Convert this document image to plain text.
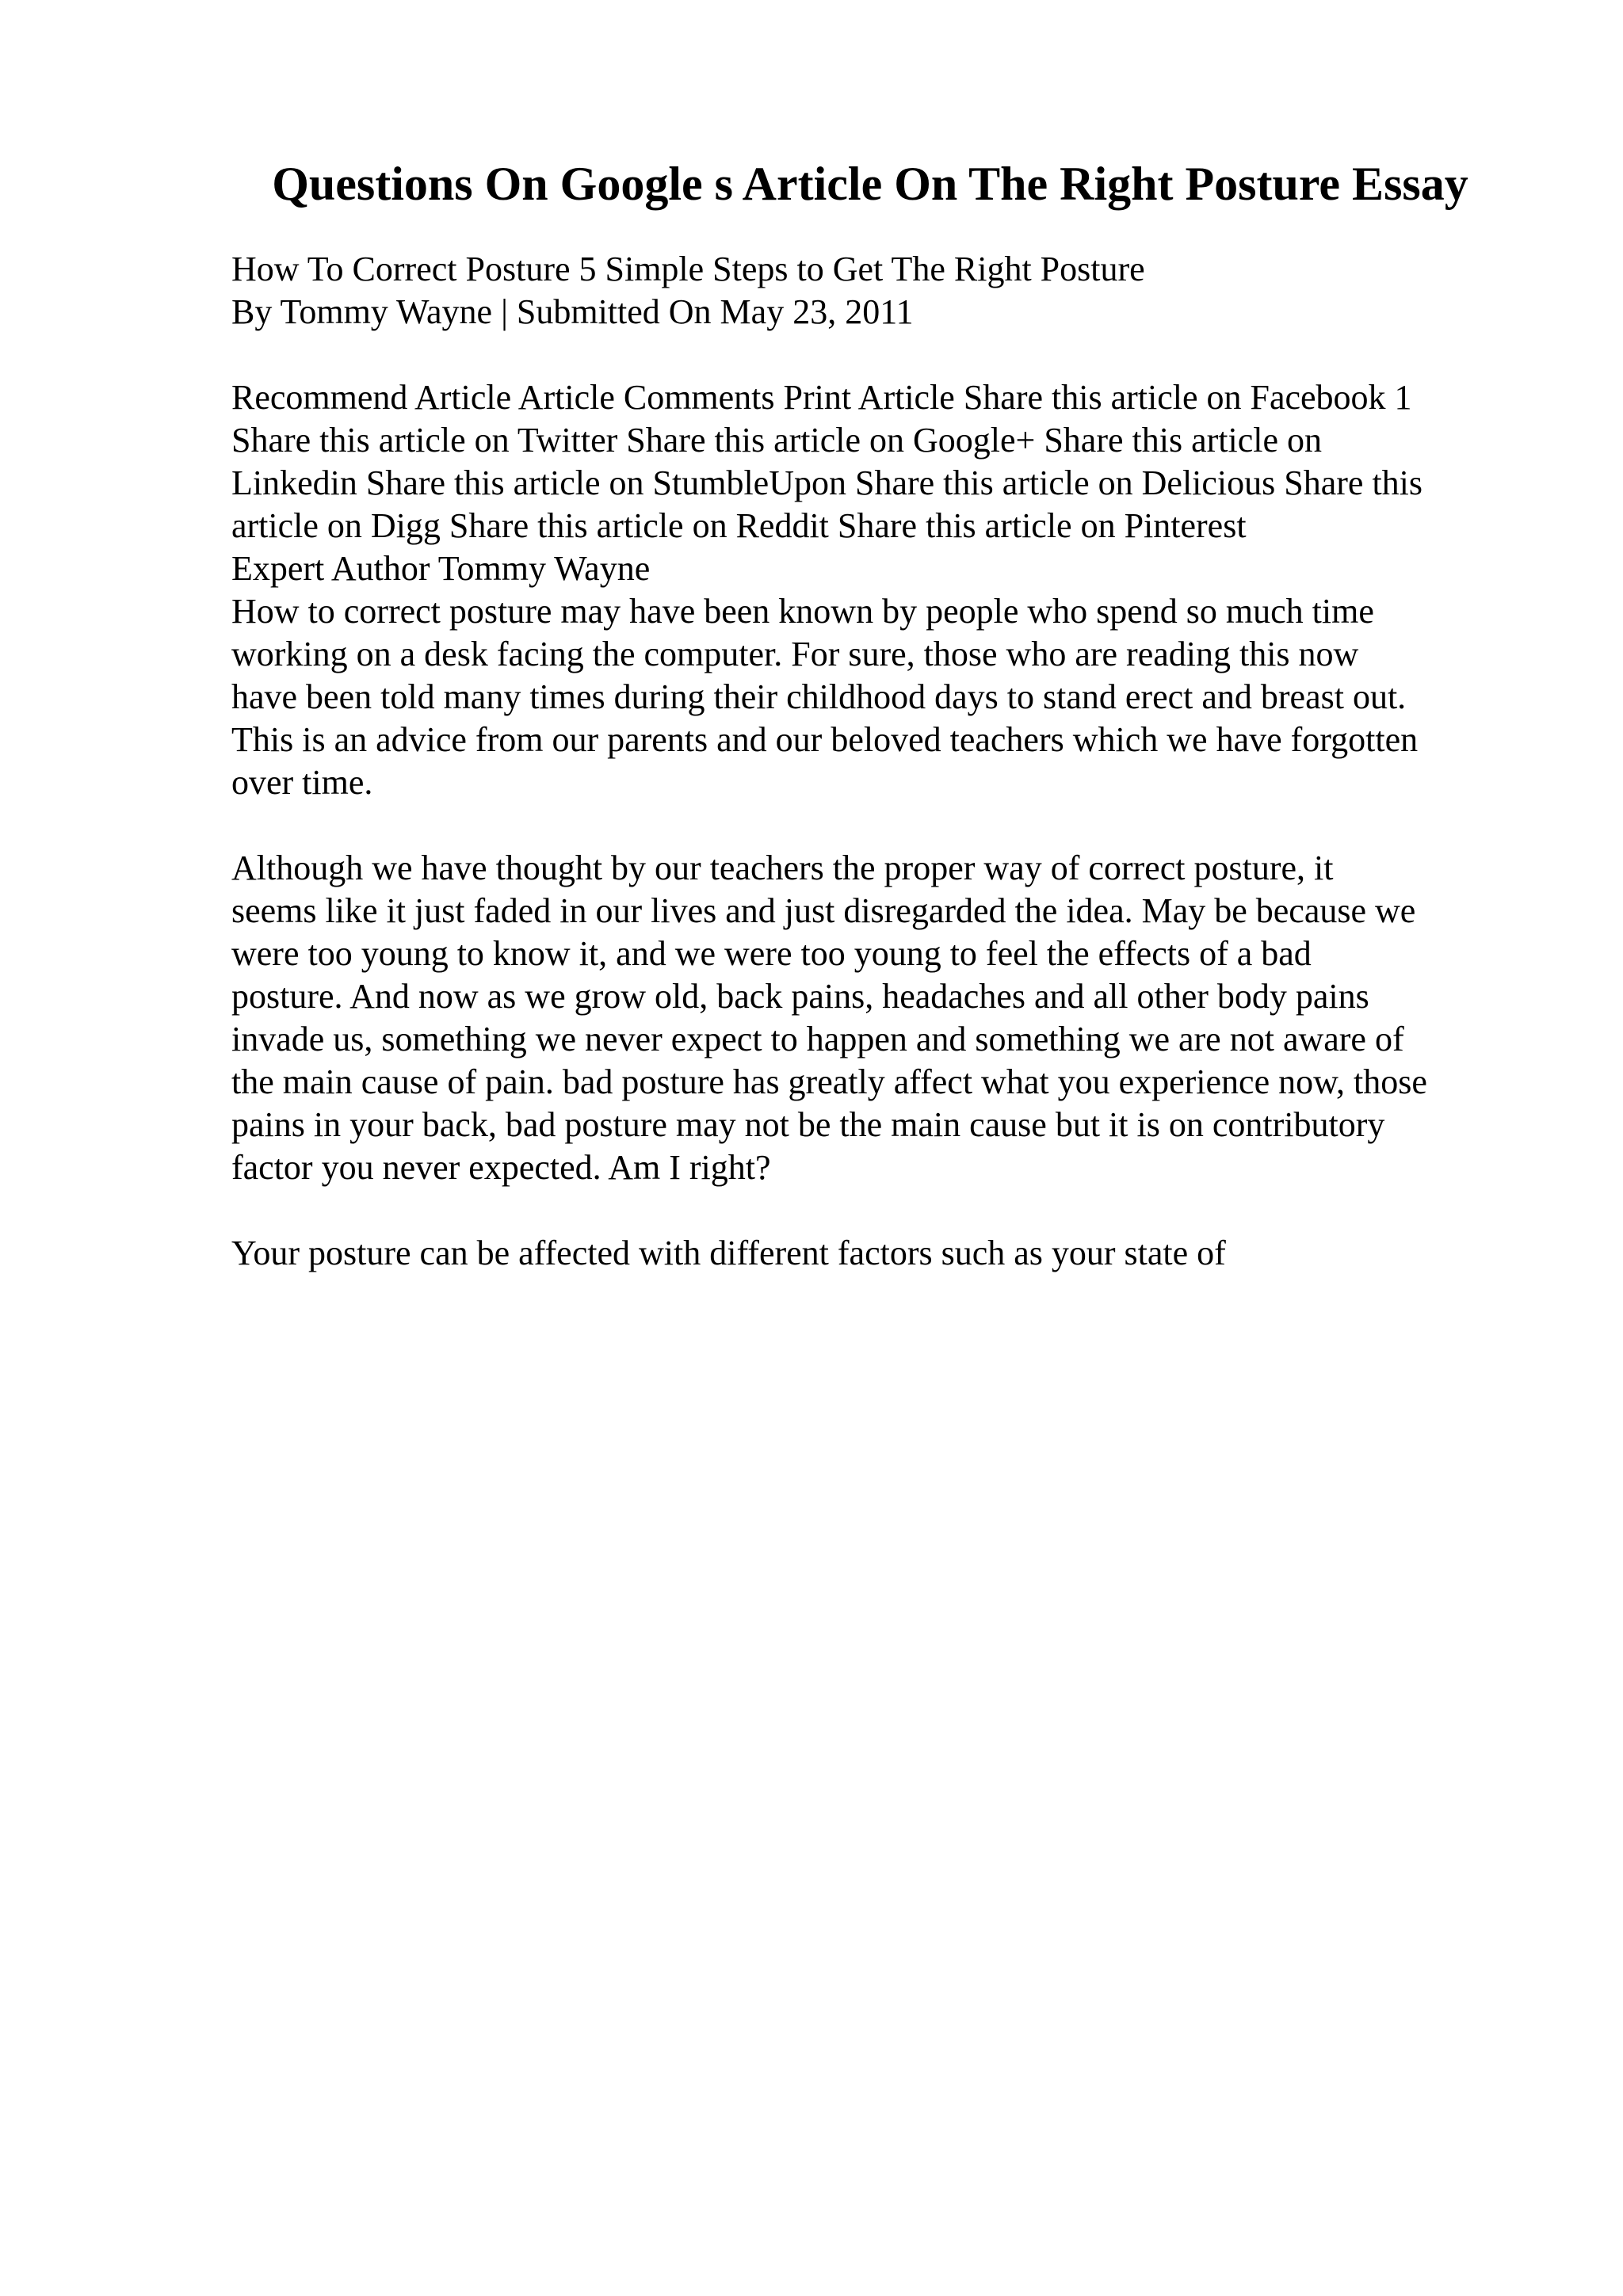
Questions On Google s Article On The Right Posture Essay

How To Correct Posture 5 Simple Steps to Get The Right Posture

By Tommy Wayne | Submitted On May 23, 2011

Recommend Article Article Comments Print Article Share this article on Facebook 1

Share this article on Twitter Share this article on Google+ Share this article on

Linkedin Share this article on StumbleUpon Share this article on Delicious Share this

article on Digg Share this article on Reddit Share this article on Pinterest

Expert Author Tommy Wayne

How to correct posture may have been known by people who spend so much time

working on a desk facing the computer. For sure, those who are reading this now

have been told many times during their childhood days to stand erect and breast out.

This is an advice from our parents and our beloved teachers which we have forgotten

over time.

Although we have thought by our teachers the proper way of correct posture, it

seems like it just faded in our lives and just disregarded the idea. May be because we

were too young to know it, and we were too young to feel the effects of a bad

posture. And now as we grow old, back pains, headaches and all other body pains

invade us, something we never expect to happen and something we are not aware of

the main cause of pain. bad posture has greatly affect what you experience now, those

pains in your back, bad posture may not be the main cause but it is on contributory

factor you never expected. Am I right?

Your posture can be affected with different factors such as your state of
